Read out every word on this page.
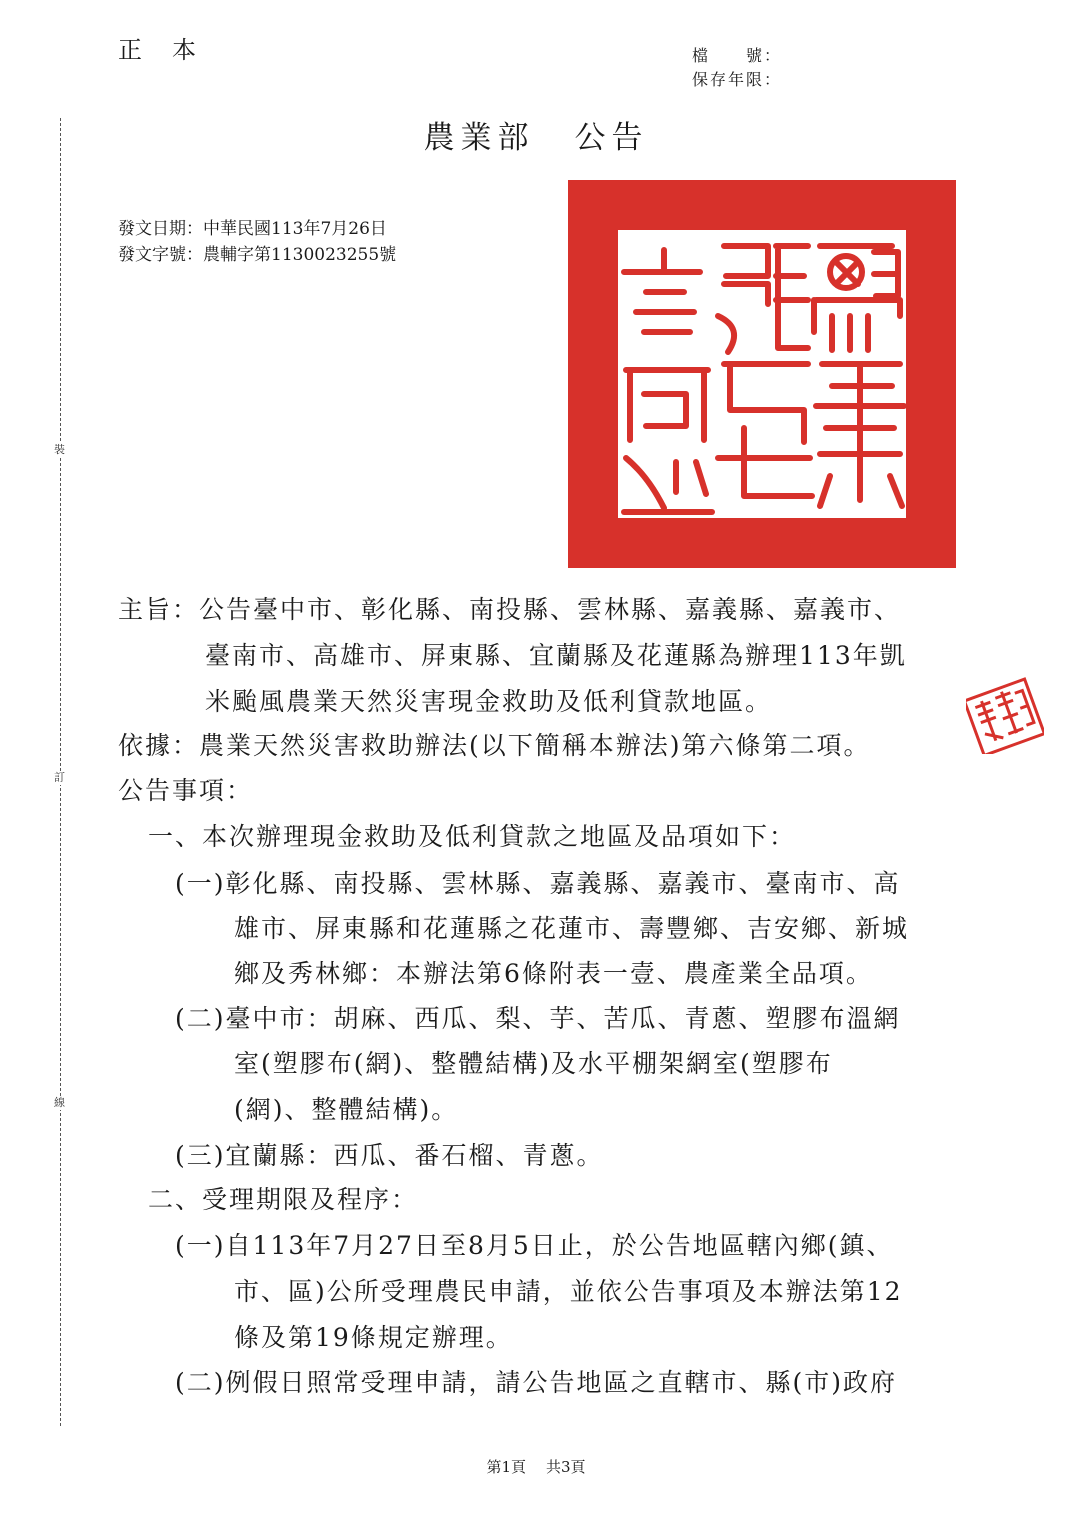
正本	檔　　號：
保存年限：
農業部 公告
發文日期：中華民國113年7月26日
發文字號：農輔字第1130023255號
裝
訂
線
主旨：公告臺中市、彰化縣、南投縣、雲林縣、嘉義縣、嘉義市、
臺南市、高雄市、屏東縣、宜蘭縣及花蓮縣為辦理113年凱
米颱風農業天然災害現金救助及低利貸款地區。
依據：農業天然災害救助辦法(以下簡稱本辦法)第六條第二項。
公告事項：
一、本次辦理現金救助及低利貸款之地區及品項如下：
(一)彰化縣、南投縣、雲林縣、嘉義縣、嘉義市、臺南市、高
雄市、屏東縣和花蓮縣之花蓮市、壽豐鄉、吉安鄉、新城
鄉及秀林鄉：本辦法第6條附表一壹、農產業全品項。
(二)臺中市：胡麻、西瓜、梨、芋、苦瓜、青蔥、塑膠布溫網
室(塑膠布(網)、整體結構)及水平棚架網室(塑膠布
(網)、整體結構)。
(三)宜蘭縣：西瓜、番石榴、青蔥。
二、受理期限及程序：
(一)自113年7月27日至8月5日止，於公告地區轄內鄉(鎮、
市、區)公所受理農民申請，並依公告事項及本辦法第12
條及第19條規定辦理。
(二)例假日照常受理申請，請公告地區之直轄市、縣(市)政府
第1頁 共3頁
